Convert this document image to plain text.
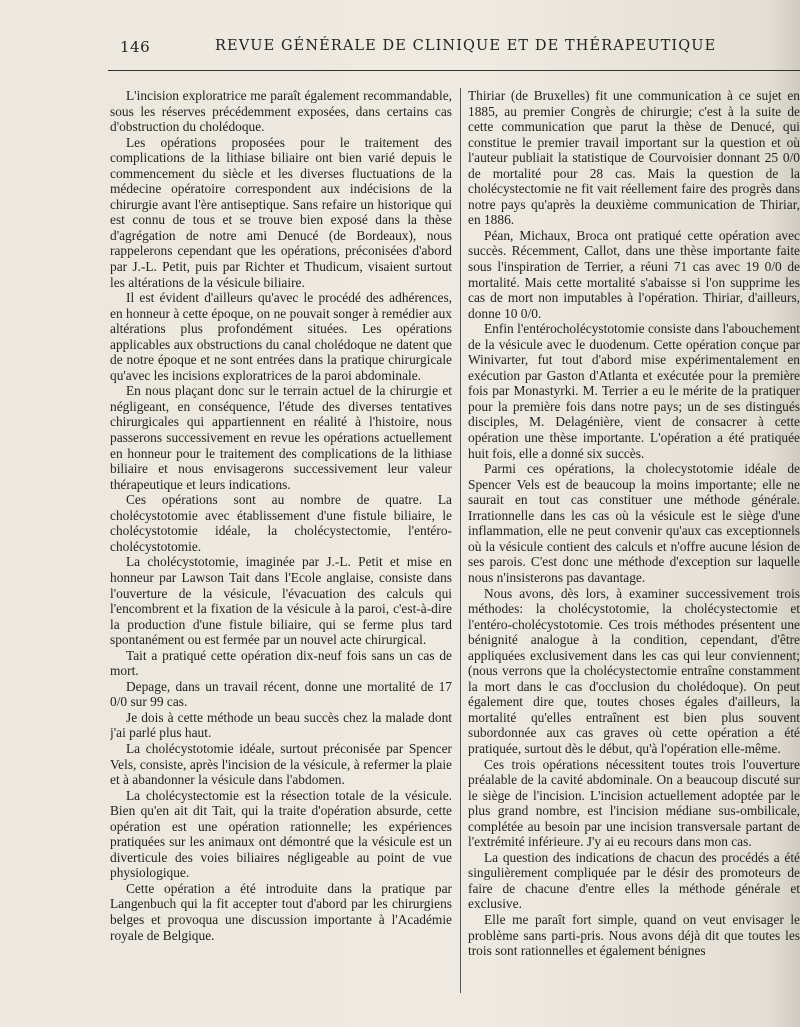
146	REVUE GÉNÉRALE DE CLINIQUE ET DE THÉRAPEUTIQUE

L'incision exploratrice me paraît également recommandable, sous les réserves précédemment exposées, dans certains cas d'obstruction du cholédoque.

Les opérations proposées pour le traitement des complications de la lithiase biliaire ont bien varié depuis le commencement du siècle et les diverses fluctuations de la médecine opératoire correspondent aux indécisions de la chirurgie avant l'ère antiseptique. Sans refaire un historique qui est connu de tous et se trouve bien exposé dans la thèse d'agrégation de notre ami Denucé (de Bordeaux), nous rappelerons cependant que les opérations, préconisées d'abord par J.-L. Petit, puis par Richter et Thudicum, visaient surtout les altérations de la vésicule biliaire.

Il est évident d'ailleurs qu'avec le procédé des adhérences, en honneur à cette époque, on ne pouvait songer à remédier aux altérations plus profondément situées. Les opérations applicables aux obstructions du canal cholédoque ne datent que de notre époque et ne sont entrées dans la pratique chirurgicale qu'avec les incisions exploratrices de la paroi abdominale.

En nous plaçant donc sur le terrain actuel de la chirurgie et négligeant, en conséquence, l'étude des diverses tentatives chirurgicales qui appartiennent en réalité à l'histoire, nous passerons successivement en revue les opérations actuellement en honneur pour le traitement des complications de la lithiase biliaire et nous envisagerons successivement leur valeur thérapeutique et leurs indications.

Ces opérations sont au nombre de quatre. La cholécystotomie avec établissement d'une fistule biliaire, le cholécystotomie idéale, la cholécystectomie, l'entéro-cholécystotomie.

La cholécystotomie, imaginée par J.-L. Petit et mise en honneur par Lawson Tait dans l'Ecole anglaise, consiste dans l'ouverture de la vésicule, l'évacuation des calculs qui l'encombrent et la fixation de la vésicule à la paroi, c'est-à-dire la production d'une fistule biliaire, qui se ferme plus tard spontanément ou est fermée par un nouvel acte chirurgical.

Tait a pratiqué cette opération dix-neuf fois sans un cas de mort.

Depage, dans un travail récent, donne une mortalité de 17 0/0 sur 99 cas.

Je dois à cette méthode un beau succès chez la malade dont j'ai parlé plus haut.

La cholécystotomie idéale, surtout préconisée par Spencer Vels, consiste, après l'incision de la vésicule, à refermer la plaie et à abandonner la vésicule dans l'abdomen.

La cholécystectomie est la résection totale de la vésicule. Bien qu'en ait dit Tait, qui la traite d'opération absurde, cette opération est une opération rationnelle; les expériences pratiquées sur les animaux ont démontré que la vésicule est un diverticule des voies biliaires négligeable au point de vue physiologique.

Cette opération a été introduite dans la pratique par Langenbuch qui la fit accepter tout d'abord par les chirurgiens belges et provoqua une discussion importante à l'Académie royale de Belgique.

Thiriar (de Bruxelles) fit une communication à ce sujet en 1885, au premier Congrès de chirurgie; c'est à la suite de cette communication que parut la thèse de Denucé, qui constitue le premier travail important sur la question et où l'auteur publiait la statistique de Courvoisier donnant 25 0/0 de mortalité pour 28 cas. Mais la question de la cholécystectomie ne fit vait réellement faire des progrès dans notre pays qu'après la deuxième communication de Thiriar, en 1886.

Péan, Michaux, Broca ont pratiqué cette opération avec succès. Récemment, Callot, dans une thèse importante faite sous l'inspiration de Terrier, a réuni 71 cas avec 19 0/0 de mortalité. Mais cette mortalité s'abaisse si l'on supprime les cas de mort non imputables à l'opération. Thiriar, d'ailleurs, donne 10 0/0.

Enfin l'entérocholécystotomie consiste dans l'abouchement de la vésicule avec le duodenum. Cette opération conçue par Winivarter, fut tout d'abord mise expérimentalement en exécution par Gaston d'Atlanta et exécutée pour la première fois par Monastyrki. M. Terrier a eu le mérite de la pratiquer pour la première fois dans notre pays; un de ses distingués disciples, M. Delagénière, vient de consacrer à cette opération une thèse importante. L'opération a été pratiquée huit fois, elle a donné six succès.

Parmi ces opérations, la cholecystotomie idéale de Spencer Vels est de beaucoup la moins importante; elle ne saurait en tout cas constituer une méthode générale. Irrationnelle dans les cas où la vésicule est le siège d'une inflammation, elle ne peut convenir qu'aux cas exceptionnels où la vésicule contient des calculs et n'offre aucune lésion de ses parois. C'est donc une méthode d'exception sur laquelle nous n'insisterons pas davantage.

Nous avons, dès lors, à examiner successivement trois méthodes: la cholécystotomie, la cholécystectomie et l'entéro-cholécystotomie. Ces trois méthodes présentent une bénignité analogue à la condition, cependant, d'être appliquées exclusivement dans les cas qui leur conviennent; (nous verrons que la cholécystectomie entraîne constamment la mort dans le cas d'occlusion du cholédoque). On peut également dire que, toutes choses égales d'ailleurs, la mortalité qu'elles entraînent est bien plus souvent subordonnée aux cas graves où cette opération a été pratiquée, surtout dès le début, qu'à l'opération elle-même.

Ces trois opérations nécessitent toutes trois l'ouverture préalable de la cavité abdominale. On a beaucoup discuté sur le siège de l'incision. L'incision actuellement adoptée par le plus grand nombre, est l'incision médiane sus-ombilicale, complétée au besoin par une incision transversale partant de l'extrémité inférieure. J'y ai eu recours dans mon cas.

La question des indications de chacun des procédés a été singulièrement compliquée par le désir des promoteurs de faire de chacune d'entre elles la méthode générale et exclusive.

Elle me paraît fort simple, quand on veut envisager le problème sans parti-pris. Nous avons déjà dit que toutes les trois sont rationnelles et également bénignes
